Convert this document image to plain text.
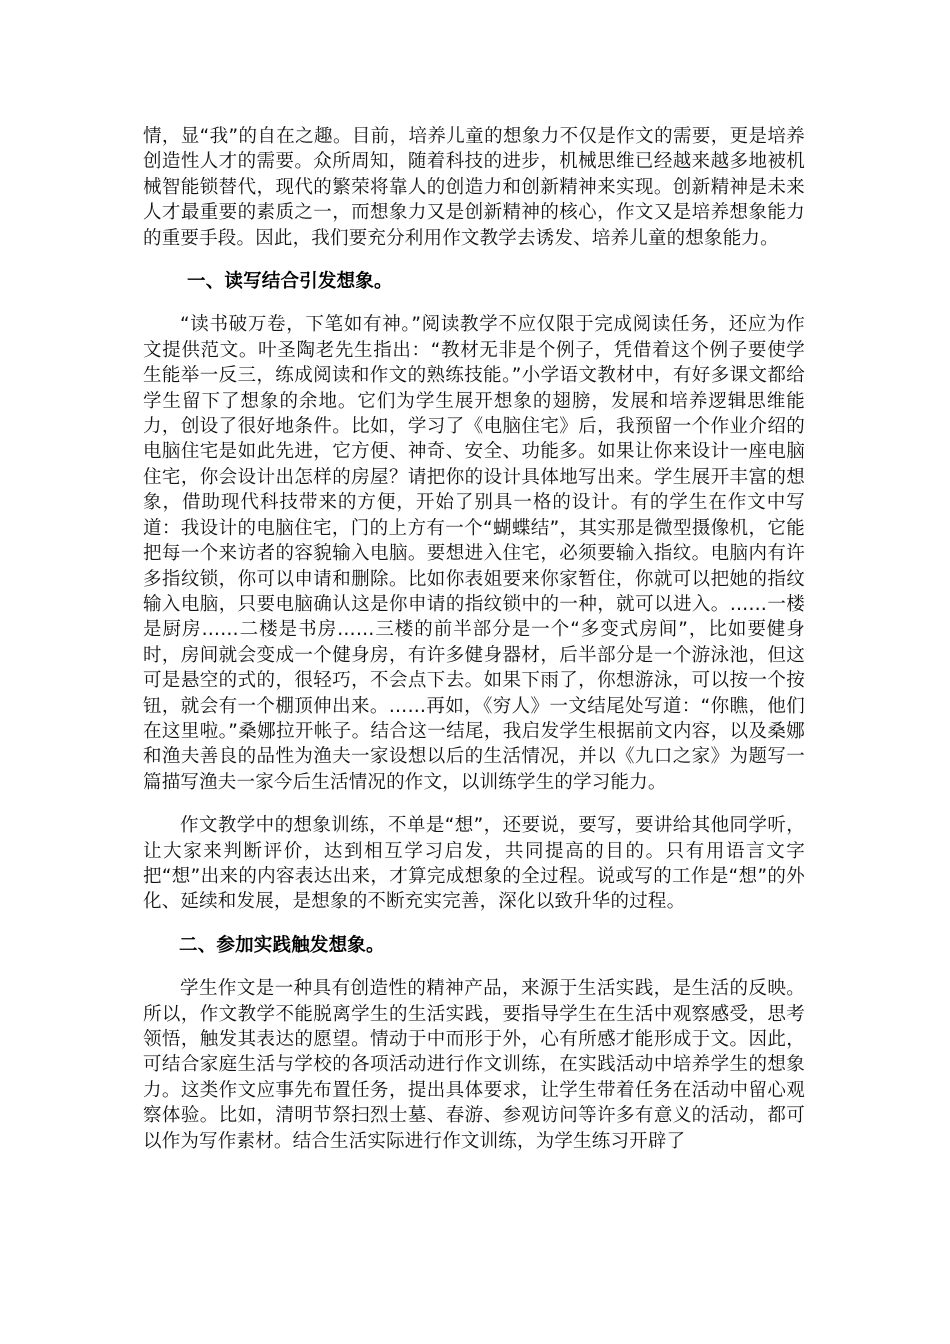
情，显“我”的自在之趣。目前，培养儿童的想象力不仅是作文的需要，更是培养创造性人才的需要。众所周知，随着科技的进步，机械思维已经越来越多地被机械智能锁替代，现代的繁荣将靠人的创造力和创新精神来实现。创新精神是未来人才最重要的素质之一，而想象力又是创新精神的核心，作文又是培养想象能力的重要手段。因此，我们要充分利用作文教学去诱发、培养儿童的想象能力。

一、读写结合引发想象。

“读书破万卷，下笔如有神。”阅读教学不应仅限于完成阅读任务，还应为作文提供范文。叶圣陶老先生指出：“教材无非是个例子，凭借着这个例子要使学生能举一反三，练成阅读和作文的熟练技能。”小学语文教材中，有好多课文都给学生留下了想象的余地。它们为学生展开想象的翅膀，发展和培养逻辑思维能力，创设了很好地条件。比如，学习了《电脑住宅》后，我预留一个作业介绍的电脑住宅是如此先进，它方便、神奇、安全、功能多。如果让你来设计一座电脑住宅，你会设计出怎样的房屋？请把你的设计具体地写出来。学生展开丰富的想象，借助现代科技带来的方便，开始了别具一格的设计。有的学生在作文中写道：我设计的电脑住宅，门的上方有一个“蝴蝶结”，其实那是微型摄像机，它能把每一个来访者的容貌输入电脑。要想进入住宅，必须要输入指纹。电脑内有许多指纹锁，你可以申请和删除。比如你表姐要来你家暂住，你就可以把她的指纹输入电脑，只要电脑确认这是你申请的指纹锁中的一种，就可以进入。……一楼是厨房……二楼是书房……三楼的前半部分是一个“多变式房间”，比如要健身时，房间就会变成一个健身房，有许多健身器材，后半部分是一个游泳池，但这可是悬空的式的，很轻巧，不会点下去。如果下雨了，你想游泳，可以按一个按钮，就会有一个棚顶伸出来。……再如，《穷人》一文结尾处写道：“你瞧，他们在这里啦。”桑娜拉开帐子。结合这一结尾，我启发学生根据前文内容，以及桑娜和渔夫善良的品性为渔夫一家设想以后的生活情况，并以《九口之家》为题写一篇描写渔夫一家今后生活情况的作文，以训练学生的学习能力。

作文教学中的想象训练，不单是“想”，还要说，要写，要讲给其他同学听，让大家来判断评价，达到相互学习启发，共同提高的目的。只有用语言文字把“想”出来的内容表达出来，才算完成想象的全过程。说或写的工作是“想”的外化、延续和发展，是想象的不断充实完善，深化以致升华的过程。

二、参加实践触发想象。

学生作文是一种具有创造性的精神产品，来源于生活实践，是生活的反映。所以，作文教学不能脱离学生的生活实践，要指导学生在生活中观察感受，思考领悟，触发其表达的愿望。情动于中而形于外，心有所感才能形成于文。因此，可结合家庭生活与学校的各项活动进行作文训练，在实践活动中培养学生的想象力。这类作文应事先布置任务，提出具体要求，让学生带着任务在活动中留心观察体验。比如，清明节祭扫烈士墓、春游、参观访问等许多有意义的活动，都可以作为写作素材。结合生活实际进行作文训练，为学生练习开辟了
